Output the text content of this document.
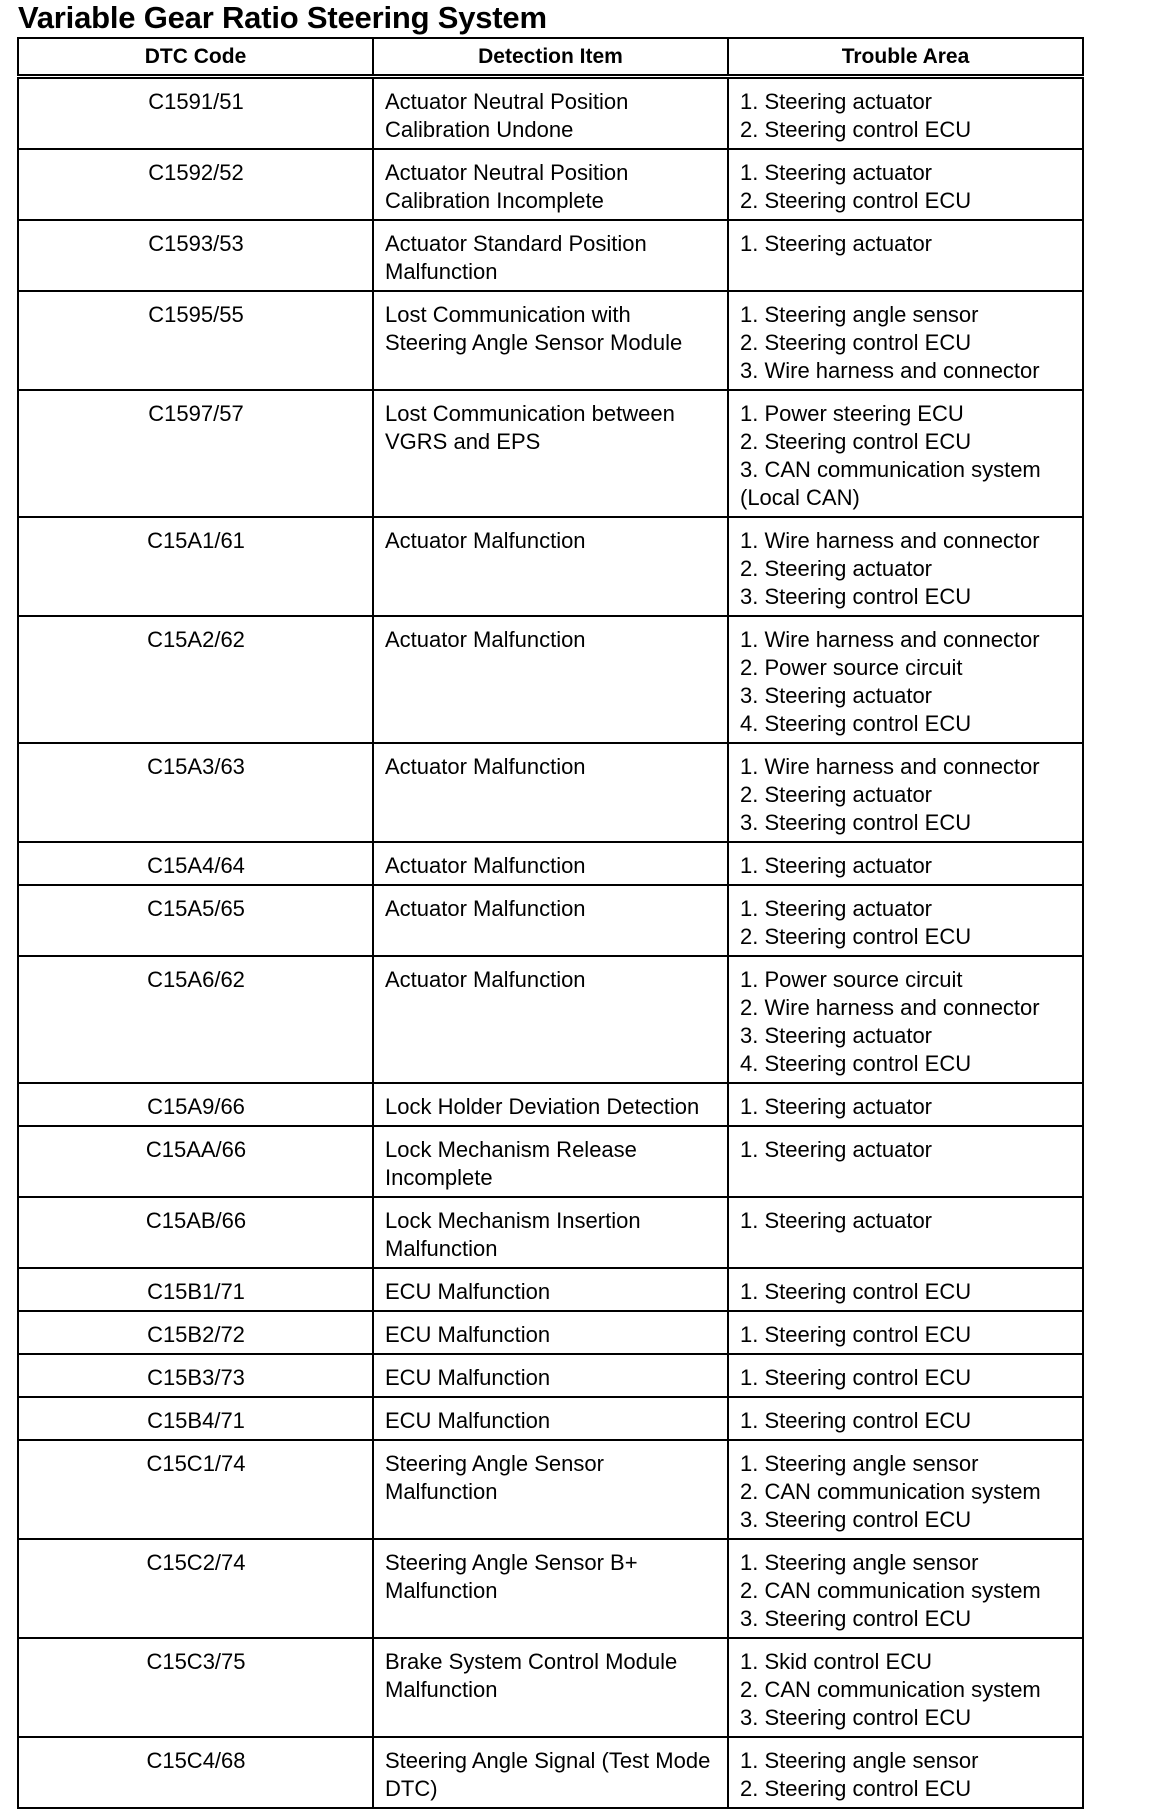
Variable Gear Ratio Steering System
DTC Code	Detection Item	Trouble Area
C1591/51	Actuator Neutral Position
Calibration Undone	1. Steering actuator
2. Steering control ECU

C1592/52	Actuator Neutral Position
Calibration Incomplete	1. Steering actuator
2. Steering control ECU

C1593/53	Actuator Standard Position
Malfunction	1. Steering actuator

C1595/55	Lost Communication with
Steering Angle Sensor Module	1. Steering angle sensor
2. Steering control ECU
3. Wire harness and connector

C1597/57	Lost Communication between
VGRS and EPS	1. Power steering ECU
2. Steering control ECU
3. CAN communication system
(Local CAN)

C15A1/61	Actuator Malfunction	1. Wire harness and connector
2. Steering actuator
3. Steering control ECU

C15A2/62	Actuator Malfunction	1. Wire harness and connector
2. Power source circuit
3. Steering actuator
4. Steering control ECU

C15A3/63	Actuator Malfunction	1. Wire harness and connector
2. Steering actuator
3. Steering control ECU

C15A4/64	Actuator Malfunction	1. Steering actuator

C15A5/65	Actuator Malfunction	1. Steering actuator
2. Steering control ECU

C15A6/62	Actuator Malfunction	1. Power source circuit
2. Wire harness and connector
3. Steering actuator
4. Steering control ECU

C15A9/66	Lock Holder Deviation Detection	1. Steering actuator

C15AA/66	Lock Mechanism Release
Incomplete	1. Steering actuator

C15AB/66	Lock Mechanism Insertion
Malfunction	1. Steering actuator

C15B1/71	ECU Malfunction	1. Steering control ECU

C15B2/72	ECU Malfunction	1. Steering control ECU

C15B3/73	ECU Malfunction	1. Steering control ECU

C15B4/71	ECU Malfunction	1. Steering control ECU

C15C1/74	Steering Angle Sensor
Malfunction	1. Steering angle sensor
2. CAN communication system
3. Steering control ECU

C15C2/74	Steering Angle Sensor B+
Malfunction	1. Steering angle sensor
2. CAN communication system
3. Steering control ECU

C15C3/75	Brake System Control Module
Malfunction	1. Skid control ECU
2. CAN communication system
3. Steering control ECU

C15C4/68	Steering Angle Signal (Test Mode
DTC)	1. Steering angle sensor
2. Steering control ECU
